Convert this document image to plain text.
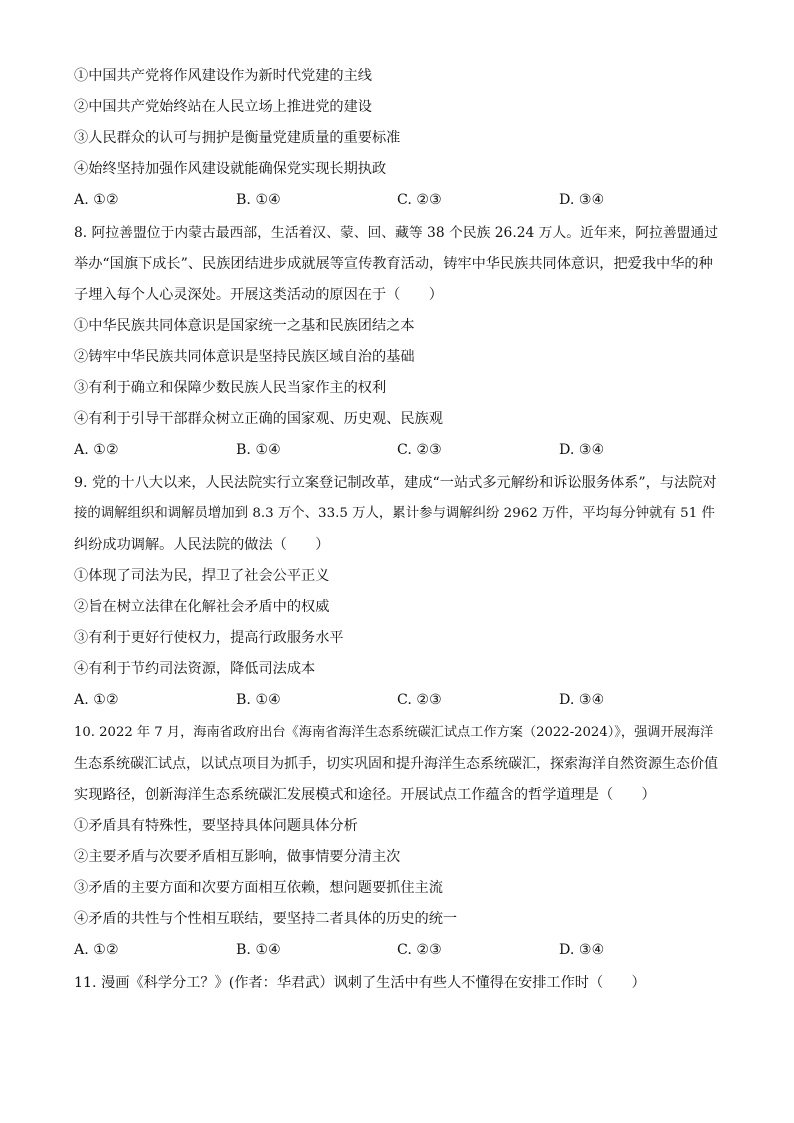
①中国共产党将作风建设作为新时代党建的主线
②中国共产党始终站在人民立场上推进党的建设
③人民群众的认可与拥护是衡量党建质量的重要标准
④始终坚持加强作风建设就能确保党实现长期执政
A. ①②	B. ①④	C. ②③	D. ③④
8. 阿拉善盟位于内蒙古最西部，生活着汉、蒙、回、藏等 38 个民族 26.24 万人。近年来，阿拉善盟通过
举办“国旗下成长”、民族团结进步成就展等宣传教育活动，铸牢中华民族共同体意识，把爱我中华的种
子埋入每个人心灵深处。开展这类活动的原因在于（　　）
①中华民族共同体意识是国家统一之基和民族团结之本
②铸牢中华民族共同体意识是坚持民族区域自治的基础
③有利于确立和保障少数民族人民当家作主的权利
④有利于引导干部群众树立正确的国家观、历史观、民族观
A. ①②	B. ①④	C. ②③	D. ③④
9. 党的十八大以来，人民法院实行立案登记制改革，建成“一站式多元解纷和诉讼服务体系”，与法院对
接的调解组织和调解员增加到 8.3 万个、33.5 万人，累计参与调解纠纷 2962 万件，平均每分钟就有 51 件
纠纷成功调解。人民法院的做法（　　）
①体现了司法为民，捍卫了社会公平正义
②旨在树立法律在化解社会矛盾中的权威
③有利于更好行使权力，提高行政服务水平
④有利于节约司法资源，降低司法成本
A. ①②	B. ①④	C. ②③	D. ③④
10. 2022 年 7 月，海南省政府出台《海南省海洋生态系统碳汇试点工作方案（2022-2024）》，强调开展海洋
生态系统碳汇试点，以试点项目为抓手，切实巩固和提升海洋生态系统碳汇，探索海洋自然资源生态价值
实现路径，创新海洋生态系统碳汇发展模式和途径。开展试点工作蕴含的哲学道理是（　　）
①矛盾具有特殊性，要坚持具体问题具体分析
②主要矛盾与次要矛盾相互影响，做事情要分清主次
③矛盾的主要方面和次要方面相互依赖，想问题要抓住主流
④矛盾的共性与个性相互联结，要坚持二者具体的历史的统一
A. ①②	B. ①④	C. ②③	D. ③④
11. 漫画《科学分工？》(作者：华君武）讽刺了生活中有些人不懂得在安排工作时（　　）
